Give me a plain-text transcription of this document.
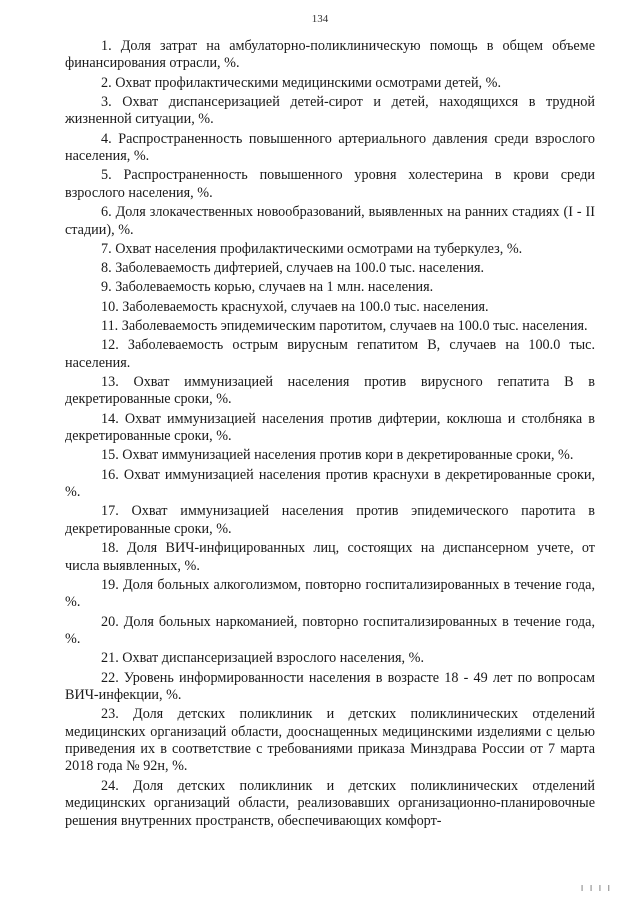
134

1. Доля затрат на амбулаторно-поликлиническую помощь в общем объеме финансирования отрасли, %.

2. Охват профилактическими медицинскими осмотрами детей, %.

3. Охват диспансеризацией детей-сирот и детей, находящихся в трудной жизненной ситуации, %.

4. Распространенность повышенного артериального давления среди взрослого населения, %.

5. Распространенность повышенного уровня холестерина в крови среди взрослого населения, %.

6. Доля злокачественных новообразований, выявленных на ранних стадиях (I - II стадии), %.

7. Охват населения профилактическими осмотрами на туберкулез, %.

8. Заболеваемость дифтерией, случаев на 100.0 тыс. населения.

9. Заболеваемость корью, случаев на 1 млн. населения.

10. Заболеваемость краснухой, случаев на 100.0 тыс. населения.

11. Заболеваемость эпидемическим паротитом, случаев на 100.0 тыс. населения.

12. Заболеваемость острым вирусным гепатитом В, случаев на 100.0 тыс. населения.

13. Охват иммунизацией населения против вирусного гепатита В в декретированные сроки, %.

14. Охват иммунизацией населения против дифтерии, коклюша и столбняка в декретированные сроки, %.

15. Охват иммунизацией населения против кори в декретированные сроки, %.

16. Охват иммунизацией населения против краснухи в декретированные сроки, %.

17. Охват иммунизацией населения против эпидемического паротита в декретированные сроки, %.

18. Доля ВИЧ-инфицированных лиц, состоящих на диспансерном учете, от числа выявленных, %.

19. Доля больных алкоголизмом, повторно госпитализированных в течение года, %.

20. Доля больных наркоманией, повторно госпитализированных в течение года, %.

21. Охват диспансеризацией взрослого населения, %.

22. Уровень информированности населения в возрасте 18 - 49 лет по вопросам ВИЧ-инфекции, %.

23. Доля детских поликлиник и детских поликлинических отделений медицинских организаций области, дооснащенных медицинскими изделиями с целью приведения их в соответствие с требованиями приказа Минздрава России от 7 марта 2018 года № 92н, %.

24. Доля детских поликлиник и детских поликлинических отделений медицинских организаций области, реализовавших организационно-планировочные решения внутренних пространств, обеспечивающих комфорт-

I I I I
